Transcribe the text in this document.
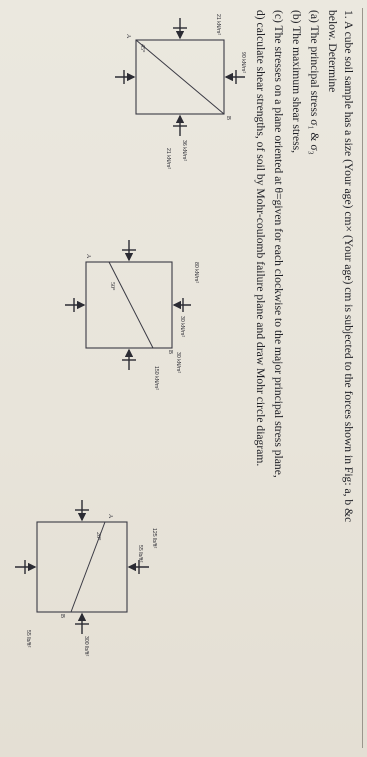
1. A cube soil sample has a size (Your age) cm× (Your age) cm is subjected to the forces shown in Fig: a, b &c
below. Determine
(a) The principal stress σ₁ & σ₃
(b) The maximum shear stress,
(c) The stresses on a plane oriented at θ=given for each clockwise to the major principal stress plane,
d) calculate shear strengths, of soil by Mohr-coulomb failure plane and draw Mohr circle diagram.
90 kN/m²
21 kN/m²
36 kN/m²
21 kN/m²
45°
A
B
80 kN/m²
30 kN/m²
30 kN/m²
150 kN/m²
50°
A
B
125 lb/ft²
55 lb/ft²
300 lb/ft²
55 lb/ft²
20°
A
B
